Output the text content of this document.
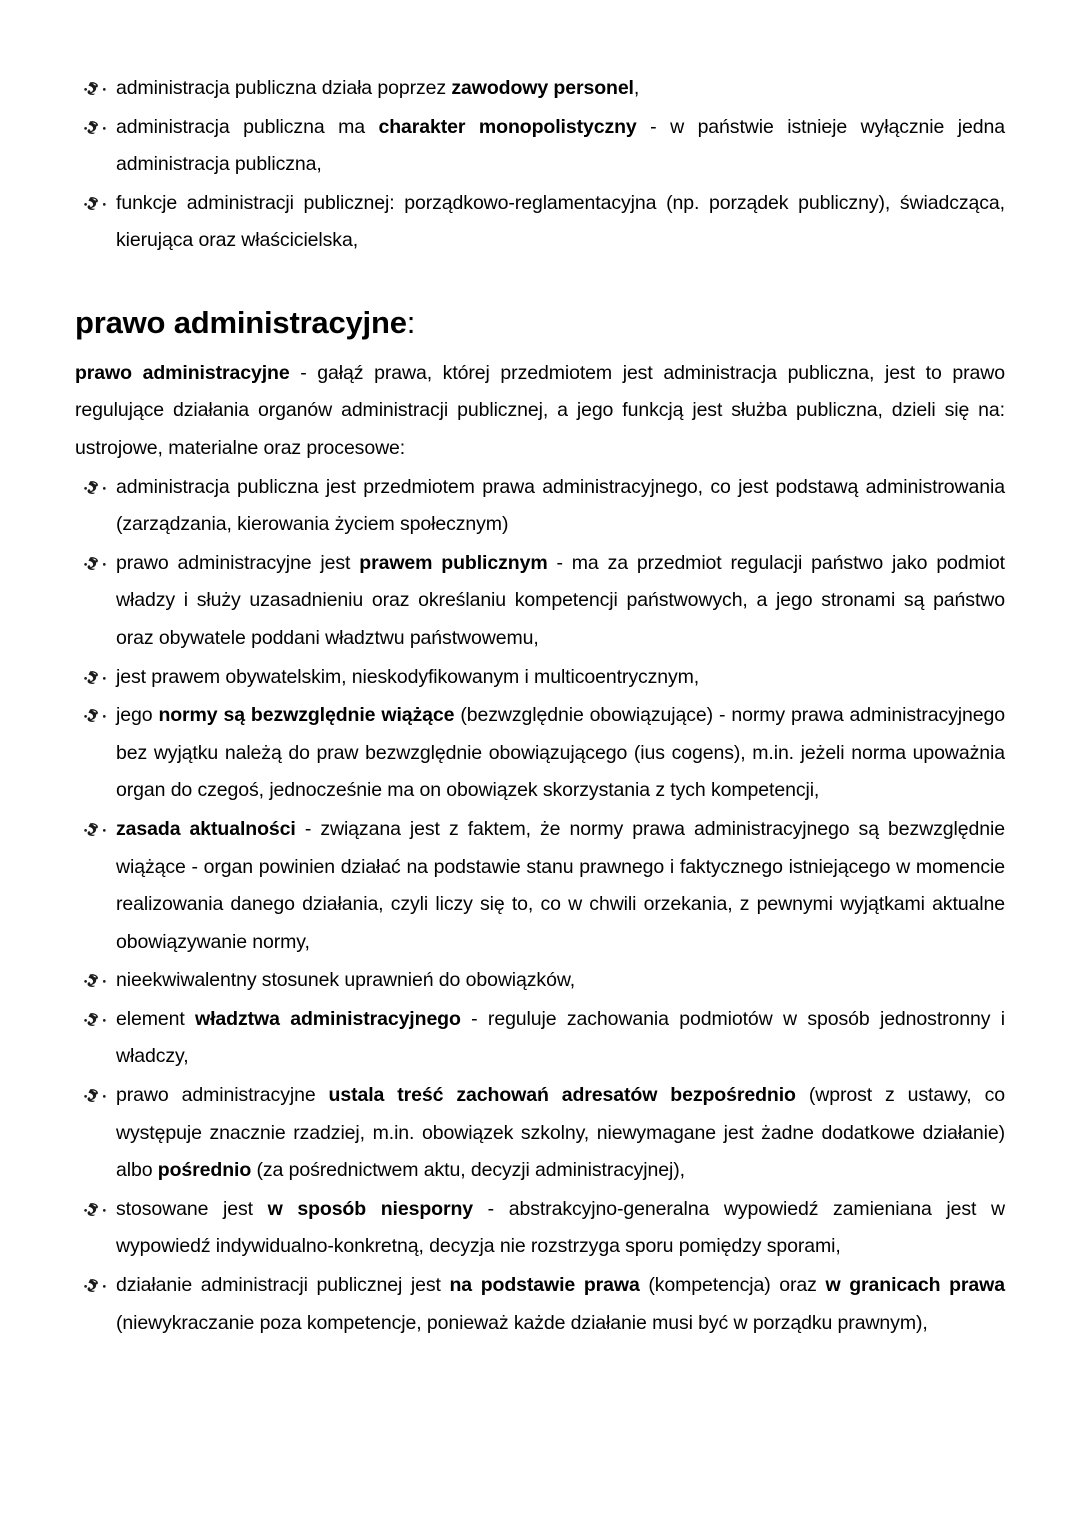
administracja publiczna działa poprzez zawodowy personel,
administracja publiczna ma charakter monopolistyczny - w państwie istnieje wyłącznie jedna administracja publiczna,
funkcje administracji publicznej: porządkowo-reglamentacyjna (np. porządek publiczny), świadcząca, kierująca oraz właścicielska,
prawo administracyjne:

prawo administracyjne - gałąź prawa, której przedmiotem jest administracja publiczna, jest to prawo regulujące działania organów administracji publicznej, a jego funkcją jest służba publiczna, dzieli się na: ustrojowe, materialne oraz procesowe:

administracja publiczna jest przedmiotem prawa administracyjnego, co jest podstawą administrowania (zarządzania, kierowania życiem społecznym)
prawo administracyjne jest prawem publicznym - ma za przedmiot regulacji państwo jako podmiot władzy i służy uzasadnieniu oraz określaniu kompetencji państwowych, a jego stronami są państwo oraz obywatele poddani władztwu państwowemu,
jest prawem obywatelskim, nieskodyfikowanym i multicoentrycznym,
jego normy są bezwzględnie wiążące (bezwzględnie obowiązujące) - normy prawa administracyjnego bez wyjątku należą do praw bezwzględnie obowiązującego (ius cogens), m.in. jeżeli norma upoważnia organ do czegoś, jednocześnie ma on obowiązek skorzystania z tych kompetencji,
zasada aktualności - związana jest z faktem, że normy prawa administracyjnego są bezwzględnie wiążące - organ powinien działać na podstawie stanu prawnego i faktycznego istniejącego w momencie realizowania danego działania, czyli liczy się to, co w chwili orzekania, z pewnymi wyjątkami aktualne obowiązywanie normy,
nieekwiwalentny stosunek uprawnień do obowiązków,
element władztwa administracyjnego - reguluje zachowania podmiotów w sposób jednostronny i władczy,
prawo administracyjne ustala treść zachowań adresatów bezpośrednio (wprost z ustawy, co występuje znacznie rzadziej, m.in. obowiązek szkolny, niewymagane jest żadne dodatkowe działanie) albo pośrednio (za pośrednictwem aktu, decyzji administracyjnej),
stosowane jest w sposób niesporny - abstrakcyjno-generalna wypowiedź zamieniana jest w wypowiedź indywidualno-konkretną, decyzja nie rozstrzyga sporu pomiędzy sporami,
działanie administracji publicznej jest na podstawie prawa (kompetencja) oraz w granicach prawa (niewykraczanie poza kompetencje, ponieważ każde działanie musi być w porządku prawnym),
